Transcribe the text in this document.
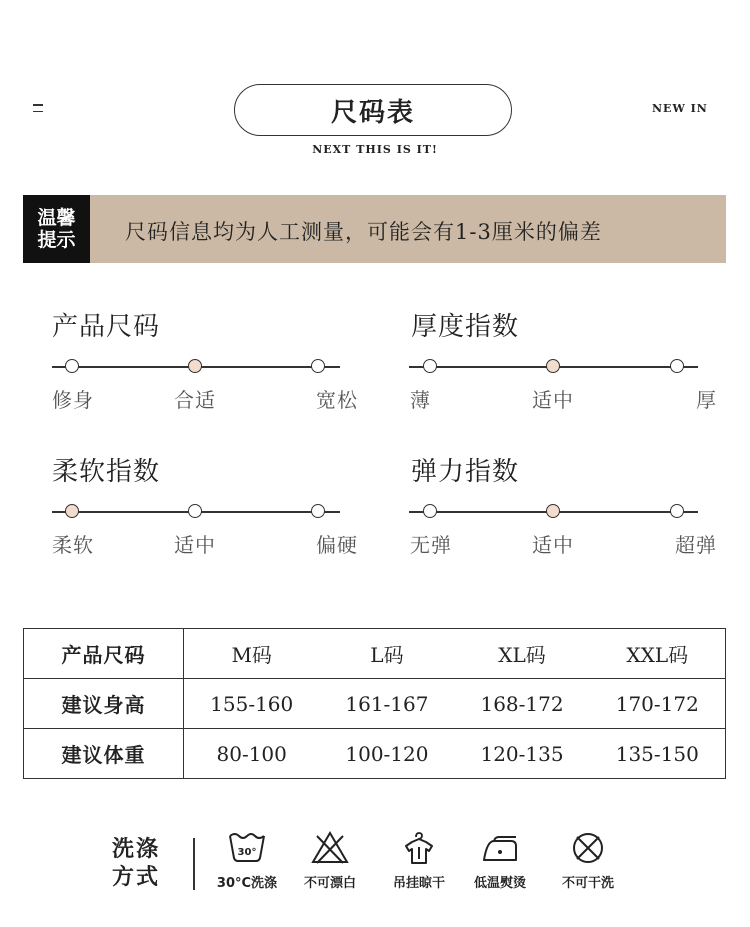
尺码表
NEXT THIS IS IT!
NEW IN
温馨
提示 尺码信息均为人工测量，可能会有1-3厘米的偏差
产品尺码
修身	合适	宽松
厚度指数
薄	适中	厚
柔软指数
柔软	适中	偏硬
弹力指数
无弹	适中	超弹
产品尺码	M码	L码	XL码	XXL码
建议身高	155-160	161-167	168-172	170-172
建议体重	80-100	100-120	120-135	135-150
洗涤
方式
30°
30°C洗涤 不可漂白	吊挂晾干 低温熨烫	不可干洗
